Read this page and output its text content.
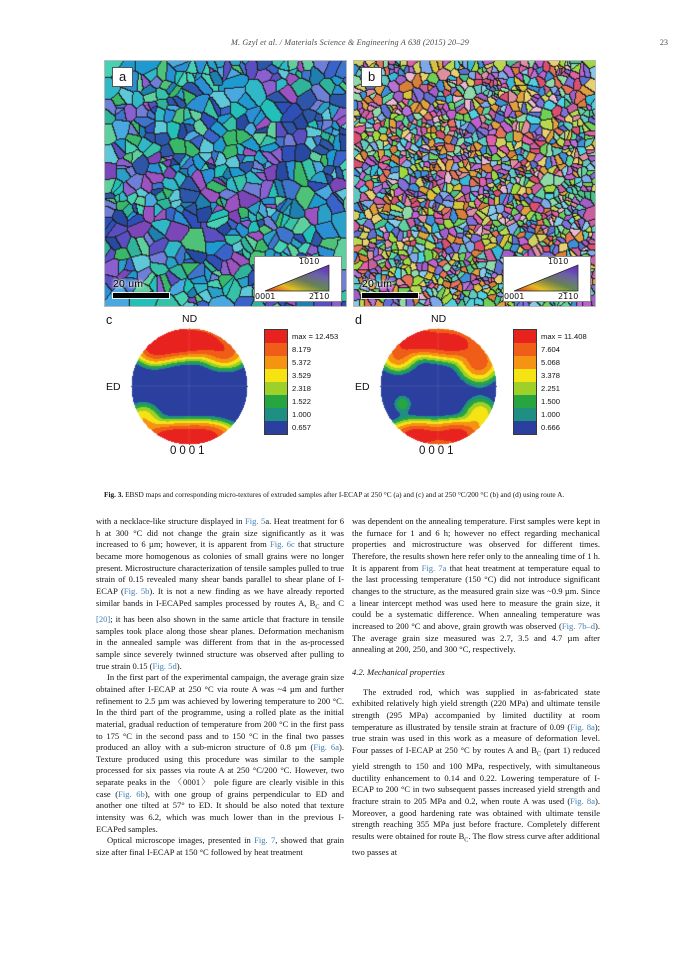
M. Gzyl et al. / Materials Science & Engineering A 638 (2015) 20–29	23
a
20 um
1010
0001	2110
b
20 um
1010
0001	2110
c	ND
ED
0001
max = 12.453
8.179
5.372
3.529
2.318
1.522
1.000
0.657
d	ND
ED
0001
max = 11.408
7.604
5.068
3.378
2.251
1.500
1.000
0.666
Fig. 3. EBSD maps and corresponding micro-textures of extruded samples after I-ECAP at 250 °C (a) and (c) and at 250 °C/200 °C (b) and (d) using route A.

with a necklace-like structure displayed in Fig. 5a. Heat treatment for 6 h at 300 °C did not change the grain size significantly as it was increased to 6 µm; however, it is apparent from Fig. 6c that structure became more homogenous as colonies of small grains were no longer present. Microstructure characterization of tensile samples pulled to true strain of 0.15 revealed many shear bands parallel to shear plane of I-ECAP (Fig. 5b). It is not a new finding as we have already reported similar bands in I-ECAPed samples processed by routes A, $B_C$ and C [20]; it has been also shown in the same article that fracture in tensile samples took place along those shear planes. Deformation mechanism in the annealed sample was different from that in the as-processed sample since severely twinned structure was observed after pulling to true strain 0.15 (Fig. 5d).

In the first part of the experimental campaign, the average grain size obtained after I-ECAP at 250 °C via route A was ~4 µm and further refinement to 2.5 µm was achieved by lowering temperature to 200 °C. In the third part of the programme, using a rolled plate as the initial material, gradual reduction of temperature from 200 °C in the first pass to 175 °C in the second pass and to 150 °C in the final two passes produced an alloy with a sub-micron structure of 0.8 µm (Fig. 6a). Texture produced using this procedure was similar to the sample processed for six passes via route A at 250 °C/200 °C. However, two separate peaks in the 〈0001〉 pole figure are clearly visible in this case (Fig. 6b), with one group of grains perpendicular to ED and another one tilted at 57° to ED. It should be also noted that texture intensity was 6.2, which was much lower than in the previous I-ECAPed samples.

Optical microscope images, presented in Fig. 7, showed that grain size after final I-ECAP at 150 °C followed by heat treatment

was dependent on the annealing temperature. First samples were kept in the furnace for 1 and 6 h; however no effect regarding mechanical properties and microstructure was observed for different times. Therefore, the results shown here refer only to the annealing time of 1 h. It is apparent from Fig. 7a that heat treatment at temperature equal to the last processing temperature (150 °C) did not introduce significant changes to the structure, as the measured grain size was ~0.9 µm. Since a linear intercept method was used here to measure the grain size, it could be a systematic difference. When annealing temperature was increased to 200 °C and above, grain growth was observed (Fig. 7b–d). The average grain size measured was 2.7, 3.5 and 4.7 µm after annealing at 200, 250, and 300 °C, respectively.

4.2. Mechanical properties

The extruded rod, which was supplied in as-fabricated state exhibited relatively high yield strength (220 MPa) and ultimate tensile strength (295 MPa) accompanied by limited ductility at room temperature as illustrated by tensile strain at fracture of 0.09 (Fig. 8a); true strain was used in this work as a measure of deformation level. Four passes of I-ECAP at 250 °C by routes A and $B_C$ (part 1) reduced yield strength to 150 and 100 MPa, respectively, with simultaneous ductility enhancement to 0.14 and 0.22. Lowering temperature of I-ECAP to 200 °C in two subsequent passes increased yield strength and fracture strain to 205 MPa and 0.2, when route A was used (Fig. 8a). Moreover, a good hardening rate was obtained with ultimate tensile strength reaching 355 MPa just before fracture. Completely different results were obtained for route $B_C$. The flow stress curve after additional two passes at
